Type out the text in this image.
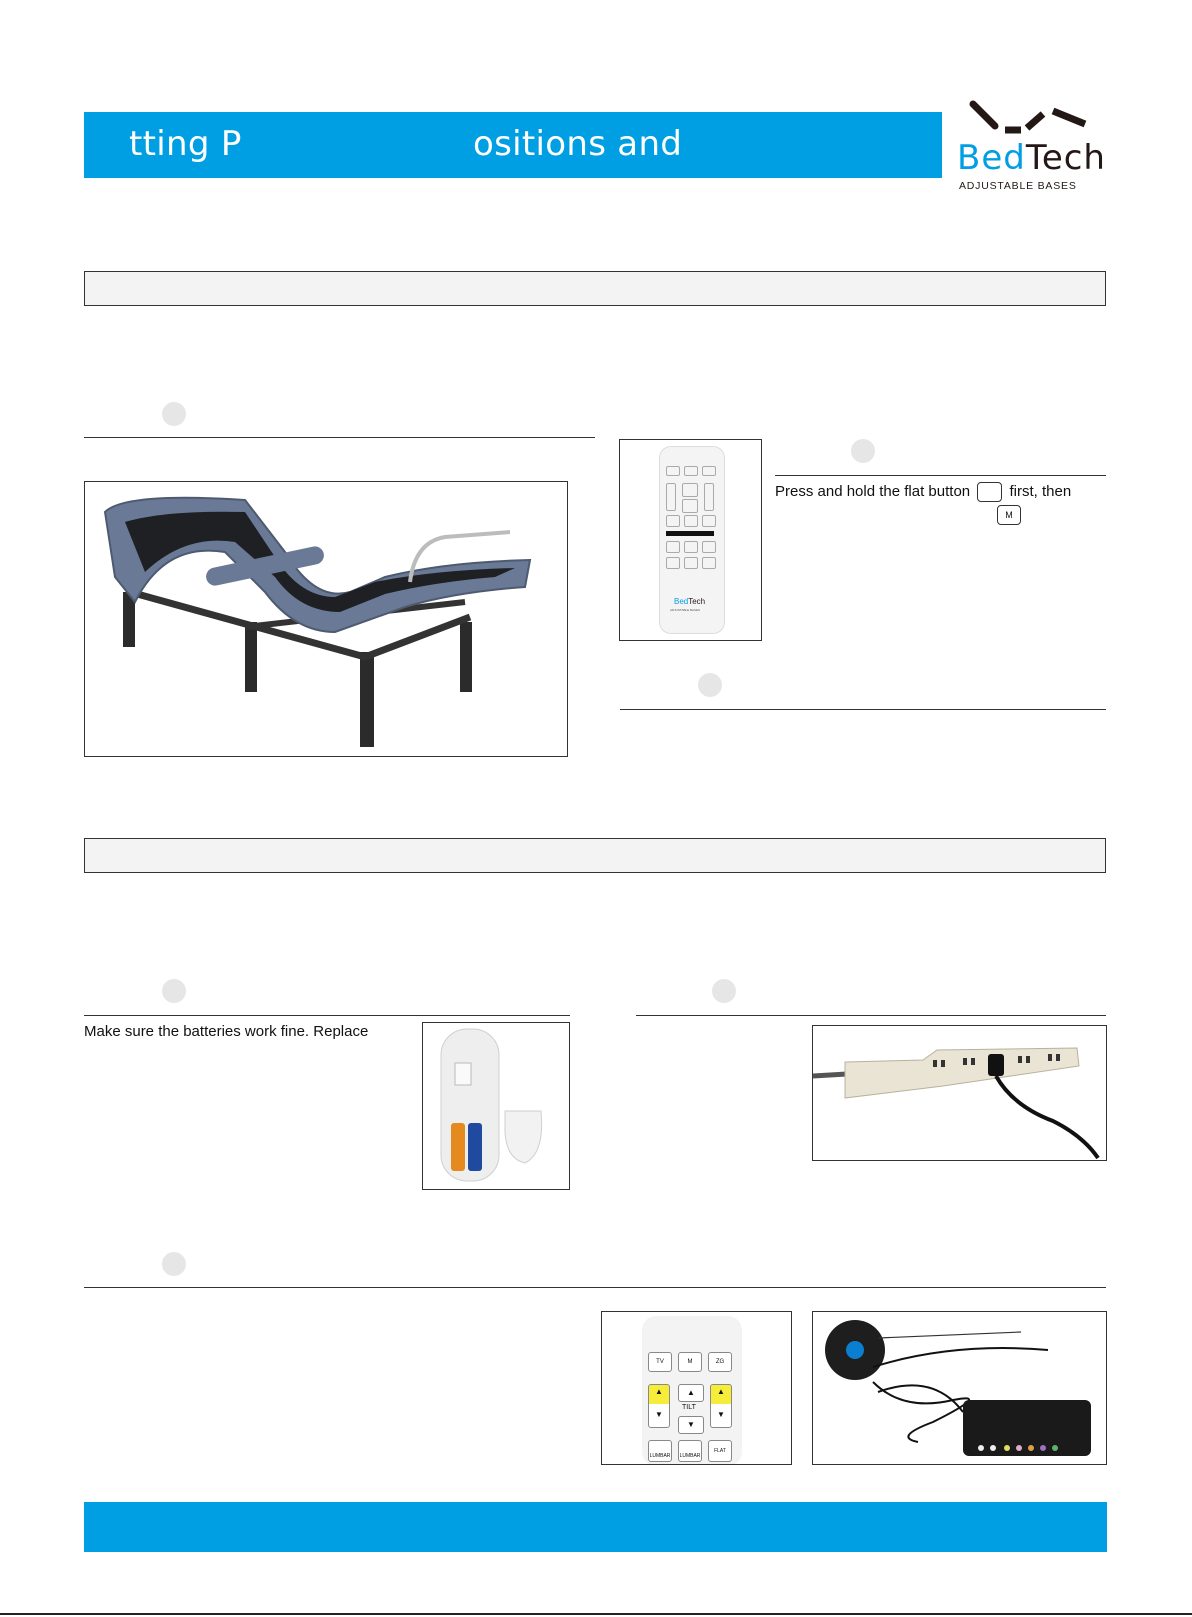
tting P	ositions and	BedTech
ADJUSTABLE BASES
BedTech
ADJUSTABLE BASES
Press and hold the flat button	first, then
M
Make sure the batteries work fine. Replace
TV	M	ZG
▲
▼
▲
TILT
▼
▲
▼
LUMBAR	LUMBAR
FLAT
